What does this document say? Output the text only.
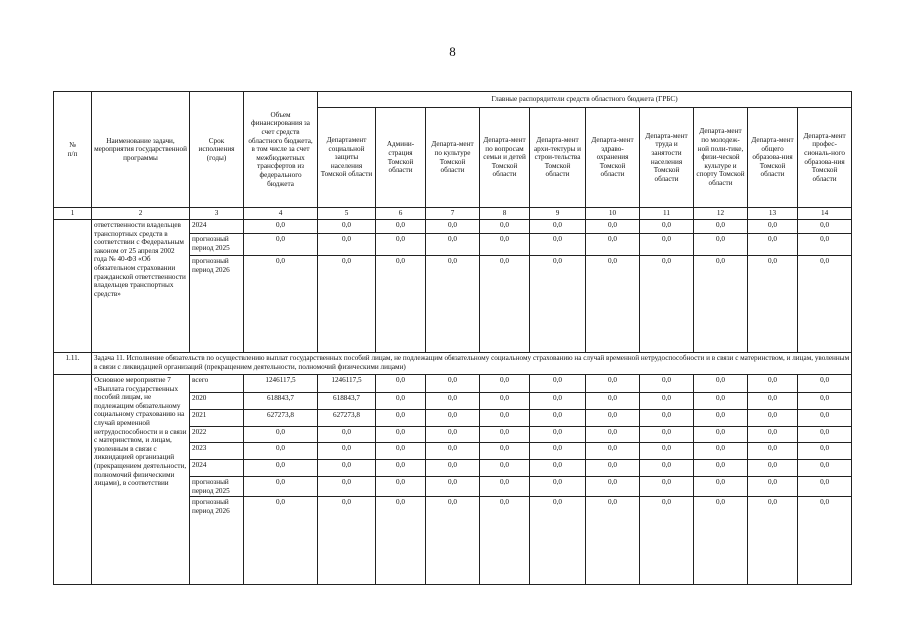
8
№
п/п	Наименование задачи, мероприятия государственной программы	Срок исполнения (годы)	Объем финансирования за счет средств областного бюджета, в том числе за счет межбюджетных трансфертов из федерального бюджета	Главные распорядители средств областного бюджета (ГРБС)									
				Департамент социальной защиты населения Томской области	Админи-страция Томской области	Департа-мент по культуре Томской области	Департа-мент по вопросам семьи и детей Томской области	Департа-мент архи-тектуры и строи-тельства Томской области	Департа-мент здраво-охранения Томской области	Департа-мент труда и занятости населения Томской области	Департа-мент по молодеж-ной поли-тике, физи-ческой культуре и спорту Томской области	Департа-мент общего образова-ния Томской области	Департа-мент профес-сиональ-ного образова-ния Томской области
1	2	3	4	5	6	7	8	9	10	11	12	13	14
	ответственности владельцев транспортных средств в соответствии с Федеральным законом от 25 апреля 2002 года № 40-ФЗ «Об обязательном страховании гражданской ответственности владельцев транспортных средств»	2024	0,0	0,0	0,0	0,0	0,0	0,0	0,0	0,0	0,0	0,0	0,0
		прогнозный период 2025	0,0	0,0	0,0	0,0	0,0	0,0	0,0	0,0	0,0	0,0	0,0
		прогнозный период 2026	0,0	0,0	0,0	0,0	0,0	0,0	0,0	0,0	0,0	0,0	0,0
1.11.	Задача 11. Исполнение обязательств по осуществлению выплат государственных пособий лицам, не подлежащим обязательному социальному страхованию на случай временной нетрудоспособности и в связи с материнством, и лицам, уволенным в связи с ликвидацией организаций (прекращением деятельности, полномочий физическими лицами)												
	Основное мероприятие 7 «Выплата государственных пособий лицам, не подлежащим обязательному социальному страхованию на случай временной нетрудоспособности и в связи с материнством, и лицам, уволенным в связи с ликвидацией организаций (прекращением деятельности, полномочий физическими лицами), в соответствии	всего	1246117,5	1246117,5	0,0	0,0	0,0	0,0	0,0	0,0	0,0	0,0	0,0
		2020	618843,7	618843,7	0,0	0,0	0,0	0,0	0,0	0,0	0,0	0,0	0,0
		2021	627273,8	627273,8	0,0	0,0	0,0	0,0	0,0	0,0	0,0	0,0	0,0
		2022	0,0	0,0	0,0	0,0	0,0	0,0	0,0	0,0	0,0	0,0	0,0
		2023	0,0	0,0	0,0	0,0	0,0	0,0	0,0	0,0	0,0	0,0	0,0
		2024	0,0	0,0	0,0	0,0	0,0	0,0	0,0	0,0	0,0	0,0	0,0
		прогнозный период 2025	0,0	0,0	0,0	0,0	0,0	0,0	0,0	0,0	0,0	0,0	0,0
		прогнозный период 2026	0,0	0,0	0,0	0,0	0,0	0,0	0,0	0,0	0,0	0,0	0,0
